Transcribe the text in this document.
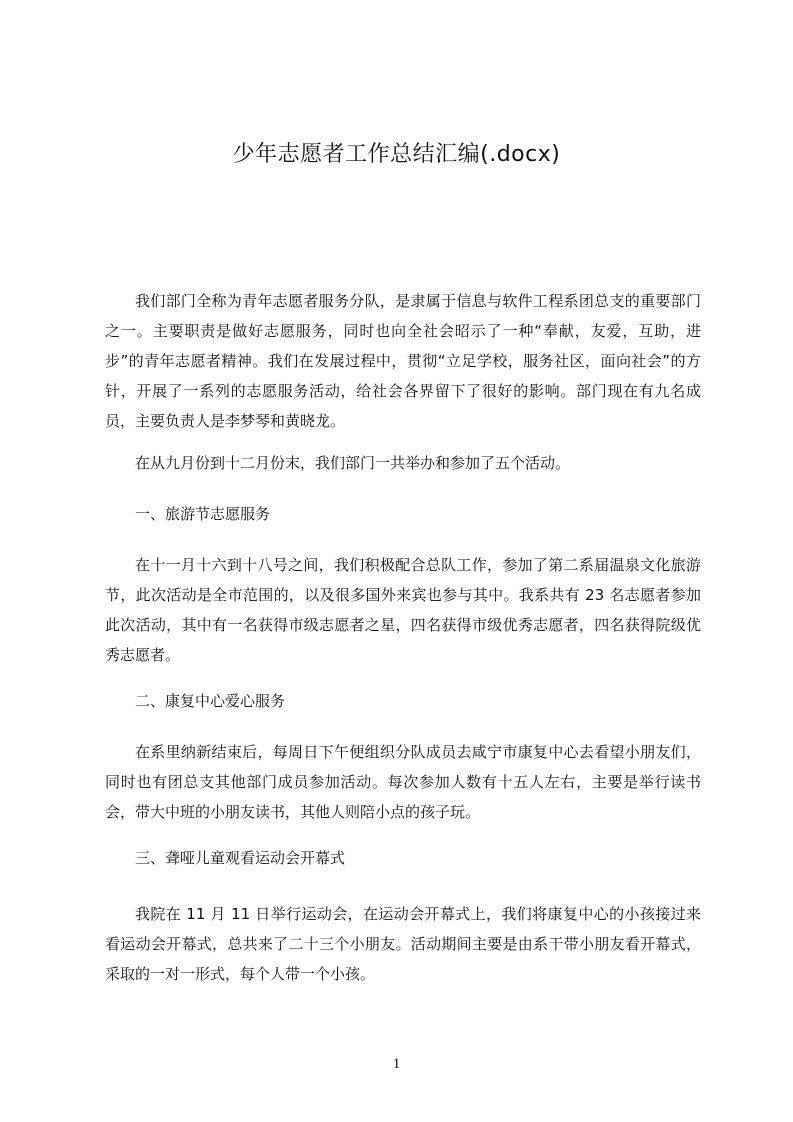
少年志愿者工作总结汇编(.docx)

我们部门全称为青年志愿者服务分队，是隶属于信息与软件工程系团总支的重要部门之一。主要职责是做好志愿服务，同时也向全社会昭示了一种“奉献，友爱，互助，进步”的青年志愿者精神。我们在发展过程中，贯彻“立足学校，服务社区，面向社会”的方针，开展了一系列的志愿服务活动，给社会各界留下了很好的影响。部门现在有九名成员，主要负责人是李梦琴和黄晓龙。

在从九月份到十二月份末，我们部门一共举办和参加了五个活动。

一、旅游节志愿服务

在十一月十六到十八号之间，我们积极配合总队工作，参加了第二系届温泉文化旅游节，此次活动是全市范围的，以及很多国外来宾也参与其中。我系共有 23 名志愿者参加此次活动，其中有一名获得市级志愿者之星，四名获得市级优秀志愿者，四名获得院级优秀志愿者。

二、康复中心爱心服务

在系里纳新结束后，每周日下午便组织分队成员去咸宁市康复中心去看望小朋友们，同时也有团总支其他部门成员参加活动。每次参加人数有十五人左右，主要是举行读书会，带大中班的小朋友读书，其他人则陪小点的孩子玩。

三、聋哑儿童观看运动会开幕式

我院在 11 月 11 日举行运动会，在运动会开幕式上，我们将康复中心的小孩接过来看运动会开幕式，总共来了二十三个小朋友。活动期间主要是由系干带小朋友看开幕式，采取的一对一形式，每个人带一个小孩。

1
